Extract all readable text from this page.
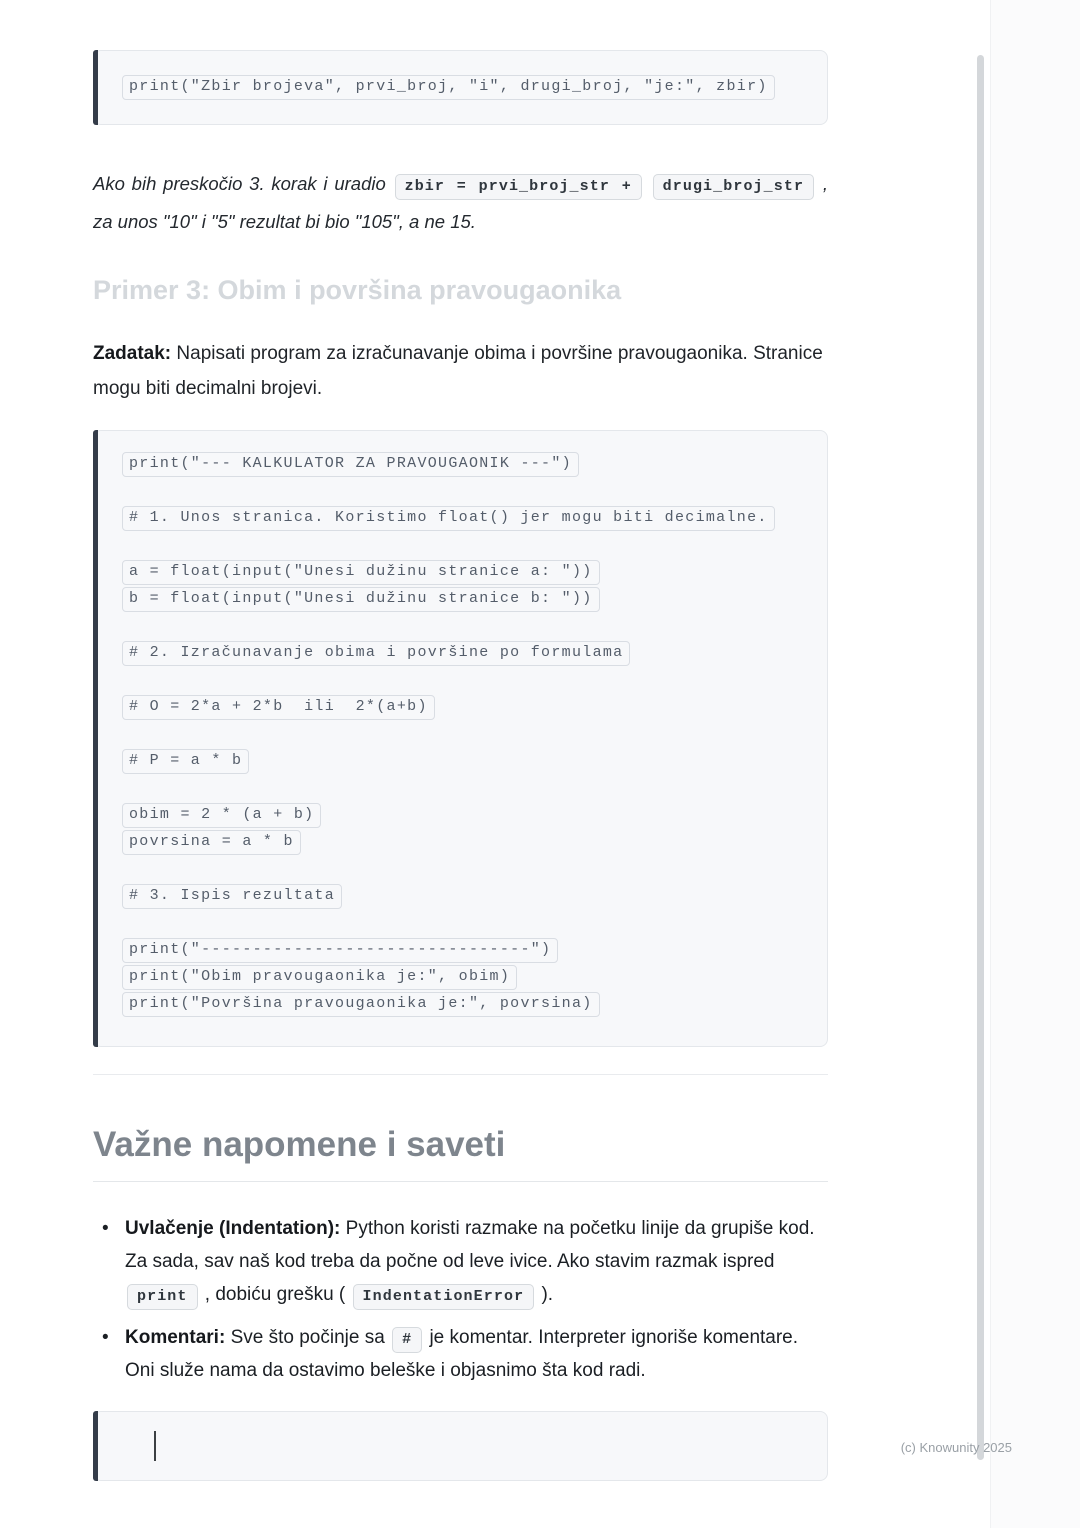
print("Zbir brojeva", prvi_broj, "i", drugi_broj, "je:", zbir)

Ako bih preskočio 3. korak i uradio zbir = prvi_broj_str + drugi_broj_str , za unos "10" i "5" rezultat bi bio "105", a ne 15.

Primer 3: Obim i površina pravougaonika

Zadatak: Napisati program za izračunavanje obima i površine pravougaonika. Stranice mogu biti decimalni brojevi.

print("--- KALKULATOR ZA PRAVOUGAONIK ---")
# 1. Unos stranica. Koristimo float() jer mogu biti decimalne.
a = float(input("Unesi dužinu stranice a: "))
b = float(input("Unesi dužinu stranice b: "))
# 2. Izračunavanje obima i površine po formulama
# O = 2*a + 2*b  ili  2*(a+b)
# P = a * b
obim = 2 * (a + b)
povrsina = a * b
# 3. Ispis rezultata
print("--------------------------------")
print("Obim pravougaonika je:", obim)
print("Površina pravougaonika je:", povrsina)
Važne napomene i saveti
• Uvlačenje (Indentation): Python koristi razmake na početku linije da grupiše kod. Za sada, sav naš kod treba da počne od leve ivice. Ako stavim razmak ispred print , dobiću grešku ( IndentationError ).
• Komentari: Sve što počinje sa # je komentar. Interpreter ignoriše komentare. Oni služe nama da ostavimo beleške i objasnimo šta kod radi.
(c) Knowunity 2025
